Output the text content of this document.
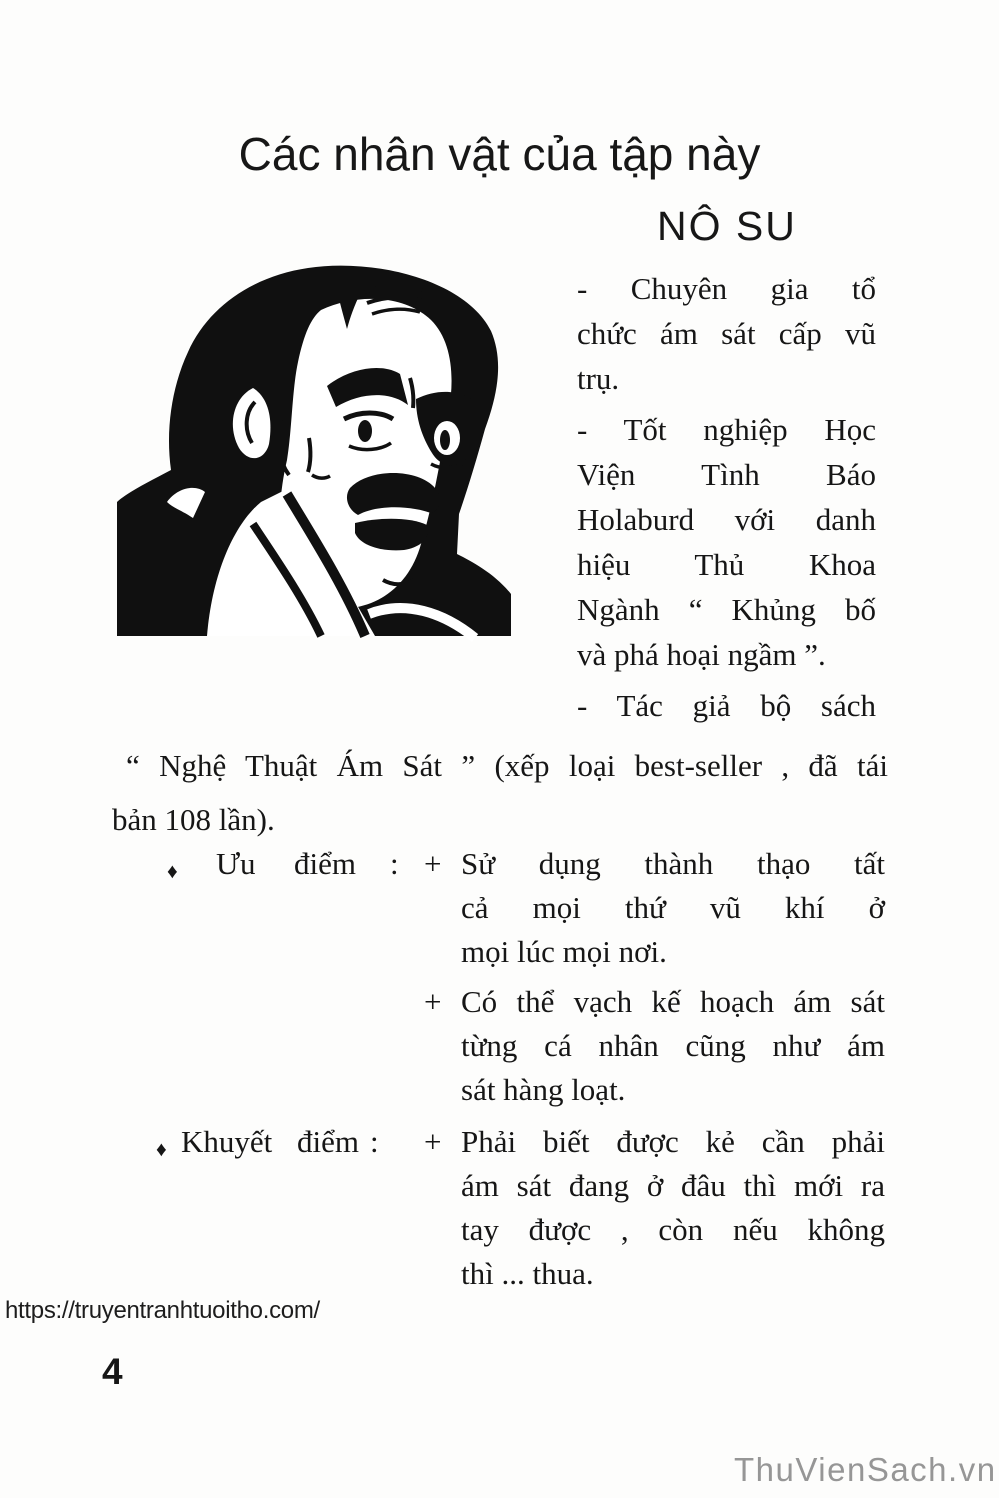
Các nhân vật của tập này
NÔ SU

- Chuyên gia tổ
chức ám sát cấp vũ
trụ.

- Tốt nghiệp Học
Viện Tình Báo
Holaburd với danh
hiệu Thủ Khoa
Ngành “ Khủng bố
và phá hoại ngầm ”.

- Tác giả bộ sách

“ Nghệ Thuật Ám Sát ” (xếp loại best-seller , đã tái
bản 108 lần).
♦ Ưu điểm : + Sử dụng thành thạo tất
cả mọi thứ vũ khí ở
mọi lúc mọi nơi.
+ Có thể vạch kế hoạch ám sát
từng cá nhân cũng như ám
sát hàng loạt.
♦ Khuyết điểm : + Phải biết được kẻ cần phải
ám sát đang ở đâu thì mới ra
tay được , còn nếu không
thì ... thua.
https://truyentranhtuoitho.com/
4
ThuVienSach.vn
